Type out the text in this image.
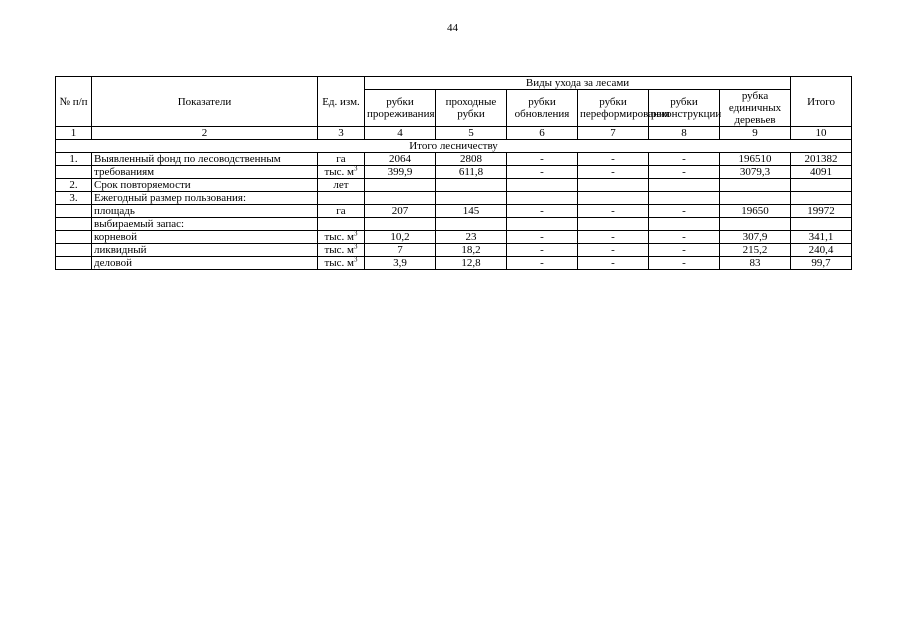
44
№ п/п	Показатели	Ед. изм.	Виды ухода за лесами						Итого
			рубки прореживания	проходные рубки	рубки обновления	рубки переформирования	рубки реконструкции	рубка единичных деревьев	
1	2	3	4	5	6	7	8	9	10
Итого лесничеству									
1.	Выявленный фонд по лесоводственным	га	2064	2808	-	-	-	196510	201382
	требованиям	тыс. $м^3$	399,9	611,8	-	-	-	3079,3	4091
2.	Срок повторяемости	лет							
3.	Ежегодный размер пользования:								
	площадь	га	207	145	-	-	-	19650	19972
	выбираемый запас:								
	корневой	тыс. $м^3$	10,2	23	-	-	-	307,9	341,1
	ликвидный	тыс. $м^3$	7	18,2	-	-	-	215,2	240,4
	деловой	тыс. $м^3$	3,9	12,8	-	-	-	83	99,7
